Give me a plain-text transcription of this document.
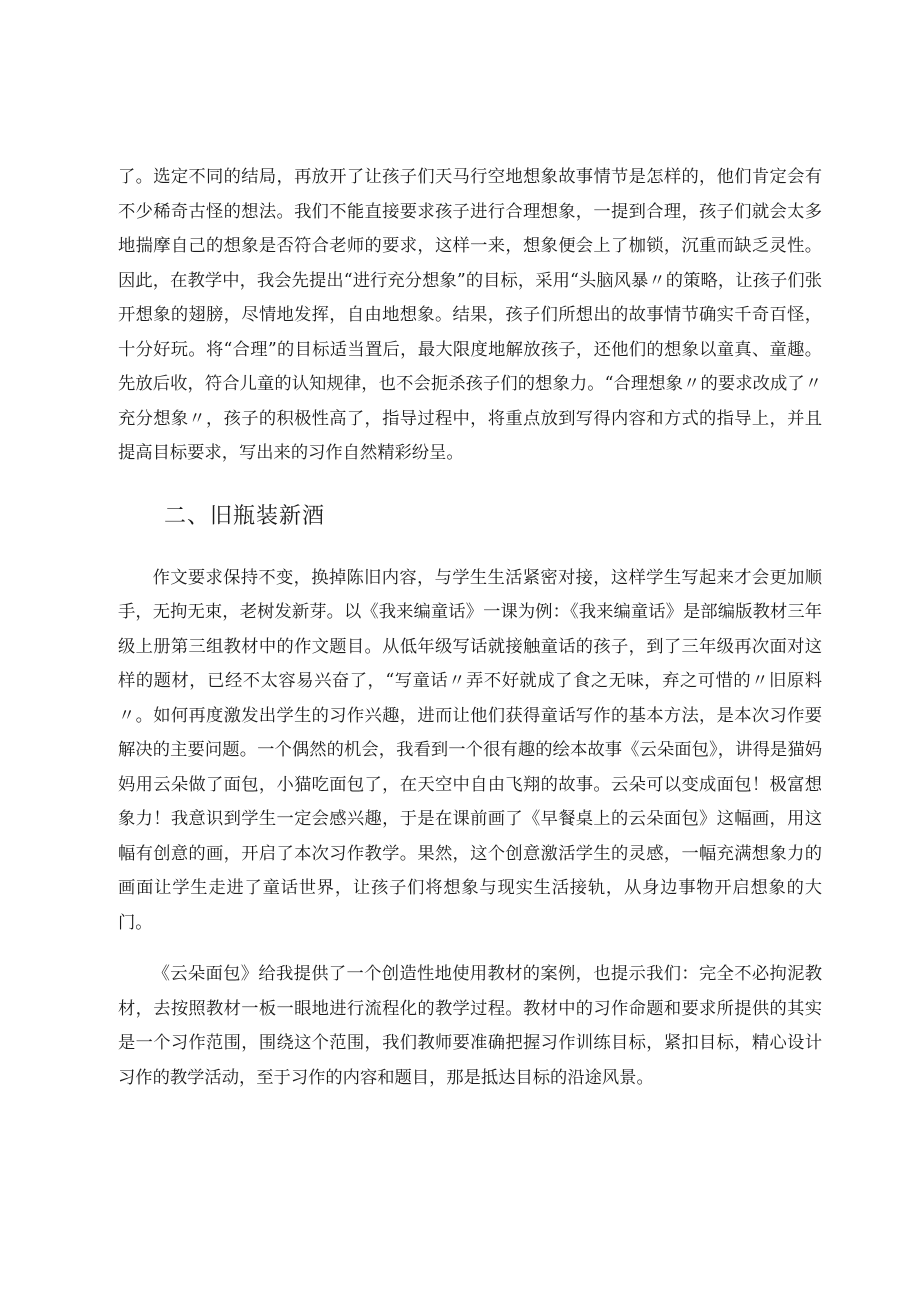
了。选定不同的结局，再放开了让孩子们天马行空地想象故事情节是怎样的，他们肯定会有不少稀奇古怪的想法。我们不能直接要求孩子进行合理想象，一提到合理，孩子们就会太多地揣摩自己的想象是否符合老师的要求，这样一来，想象便会上了枷锁，沉重而缺乏灵性。因此，在教学中，我会先提出“进行充分想象”的目标，采用“头脑风暴〃的策略，让孩子们张开想象的翅膀，尽情地发挥，自由地想象。结果，孩子们所想出的故事情节确实千奇百怪，十分好玩。将“合理”的目标适当置后，最大限度地解放孩子，还他们的想象以童真、童趣。先放后收，符合儿童的认知规律，也不会扼杀孩子们的想象力。“合理想象〃的要求改成了〃充分想象〃，孩子的积极性高了，指导过程中，将重点放到写得内容和方式的指导上，并且提高目标要求，写出来的习作自然精彩纷呈。

二、旧瓶装新酒

作文要求保持不变，换掉陈旧内容，与学生生活紧密对接，这样学生写起来才会更加顺手，无拘无束，老树发新芽。以《我来编童话》一课为例：《我来编童话》是部编版教材三年级上册第三组教材中的作文题目。从低年级写话就接触童话的孩子，到了三年级再次面对这样的题材，已经不太容易兴奋了，“写童话〃弄不好就成了食之无味，弃之可惜的〃旧原料〃。如何再度激发出学生的习作兴趣，进而让他们获得童话写作的基本方法，是本次习作要解决的主要问题。一个偶然的机会，我看到一个很有趣的绘本故事《云朵面包》，讲得是猫妈妈用云朵做了面包，小猫吃面包了，在天空中自由飞翔的故事。云朵可以变成面包！极富想象力！我意识到学生一定会感兴趣，于是在课前画了《早餐桌上的云朵面包》这幅画，用这幅有创意的画，开启了本次习作教学。果然，这个创意激活学生的灵感，一幅充满想象力的画面让学生走进了童话世界，让孩子们将想象与现实生活接轨，从身边事物开启想象的大门。

《云朵面包》给我提供了一个创造性地使用教材的案例，也提示我们：完全不必拘泥教材，去按照教材一板一眼地进行流程化的教学过程。教材中的习作命题和要求所提供的其实是一个习作范围，围绕这个范围，我们教师要准确把握习作训练目标，紧扣目标，精心设计习作的教学活动，至于习作的内容和题目，那是抵达目标的沿途风景。
